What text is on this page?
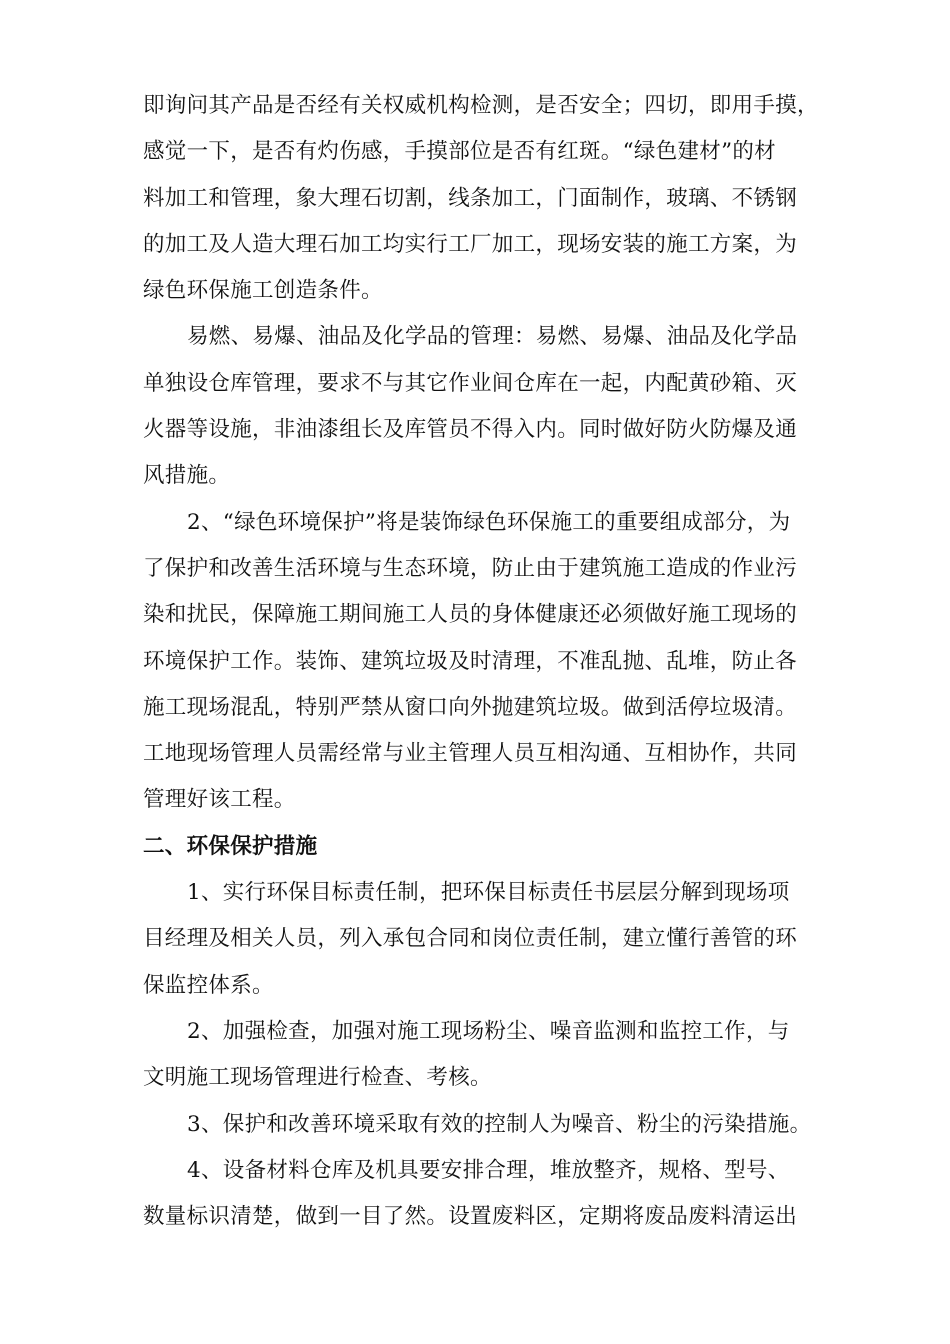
即询问其产品是否经有关权威机构检测，是否安全；四切，即用手摸，
感觉一下，是否有灼伤感，手摸部位是否有红斑。“绿色建材”的材
料加工和管理，象大理石切割，线条加工，门面制作，玻璃、不锈钢
的加工及人造大理石加工均实行工厂加工，现场安装的施工方案，为
绿色环保施工创造条件。
易燃、易爆、油品及化学品的管理：易燃、易爆、油品及化学品
单独设仓库管理，要求不与其它作业间仓库在一起，内配黄砂箱、灭
火器等设施，非油漆组长及库管员不得入内。同时做好防火防爆及通
风措施。
2、“绿色环境保护”将是装饰绿色环保施工的重要组成部分，为
了保护和改善生活环境与生态环境，防止由于建筑施工造成的作业污
染和扰民，保障施工期间施工人员的身体健康还必须做好施工现场的
环境保护工作。装饰、建筑垃圾及时清理，不准乱抛、乱堆，防止各
施工现场混乱，特别严禁从窗口向外抛建筑垃圾。做到活停垃圾清。
工地现场管理人员需经常与业主管理人员互相沟通、互相协作，共同
管理好该工程。
二、环保保护措施
1、实行环保目标责任制，把环保目标责任书层层分解到现场项
目经理及相关人员，列入承包合同和岗位责任制，建立懂行善管的环
保监控体系。
2、加强检查，加强对施工现场粉尘、噪音监测和监控工作，与
文明施工现场管理进行检查、考核。
3、保护和改善环境采取有效的控制人为噪音、粉尘的污染措施。
4、设备材料仓库及机具要安排合理，堆放整齐，规格、型号、
数量标识清楚，做到一目了然。设置废料区，定期将废品废料清运出
